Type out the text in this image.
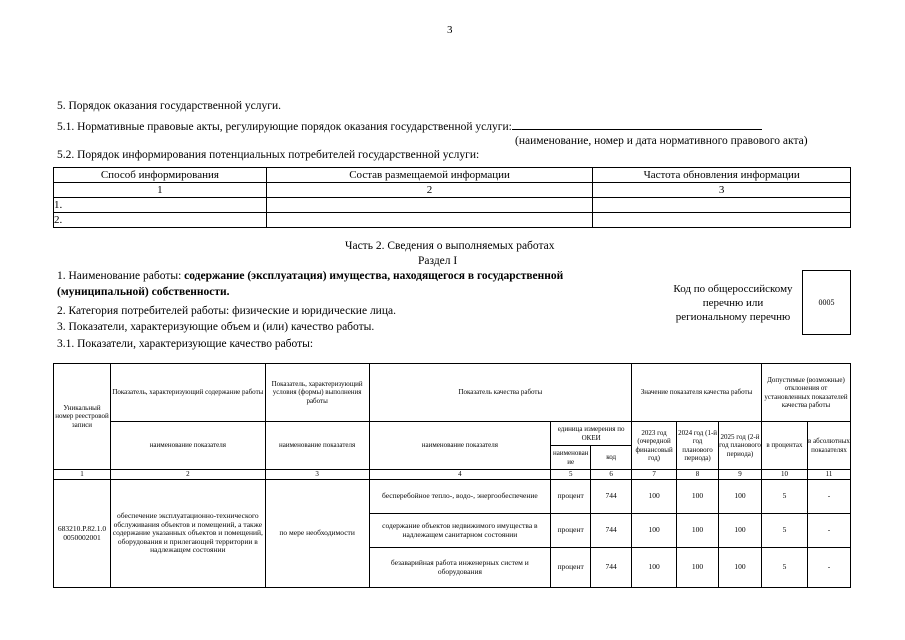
3
5. Порядок оказания государственной услуги.
5.1. Нормативные правовые акты, регулирующие порядок оказания государственной услуги:
(наименование, номер и дата нормативного правового акта)
5.2. Порядок информирования потенциальных потребителей государственной услуги:
Способ информирования	Состав размещаемой информации	Частота обновления информации
1	2	3
1.		
2.		
Часть 2. Сведения о выполняемых работах
Раздел I
1. Наименование работы: содержание (эксплуатация) имущества, находящегося в государственной
(муниципальной) собственности.
2. Категория потребителей работы: физические и юридические лица.
3. Показатели, характеризующие объем и (или) качество работы.
3.1. Показатели, характеризующие качество работы:
Код по общероссийскому перечню или региональному перечню
0005
Уникальный номер реестровой записи	Показатель, характеризующий содержание работы	Показатель, характеризующий условия (формы) выполнения работы	Показатель качества работы			Значение показателя качества работы			Допустимые (возможные) отклонения от установленных показателей качества работы	
	наименование показателя	наименование показателя	наименование показателя	единица измерения по ОКЕИ		2023 год (очередной финансовый год)	2024 год (1-й год планового периода)	2025 год (2-й год планового периода)	в процентах	в абсолютных показателях
				наименован ие	код					
1	2	3	4	5	6	7	8	9	10	11
683210.Р.82.1.0 0050002001	обеспечение эксплуатационно-технического обслуживания объектов и помещений, а также содержание указанных объектов и помещений, оборудования и прилегающей территории в надлежащем состоянии	по мере необходимости	бесперебойное тепло-, водо-, энергообеспечение	процент	744	100	100	100	5	-
			содержание объектов недвижимого имущества в надлежащем санитарном состоянии	процент	744	100	100	100	5	-
			безаварийная работа инженерных систем и оборудования	процент	744	100	100	100	5	-
